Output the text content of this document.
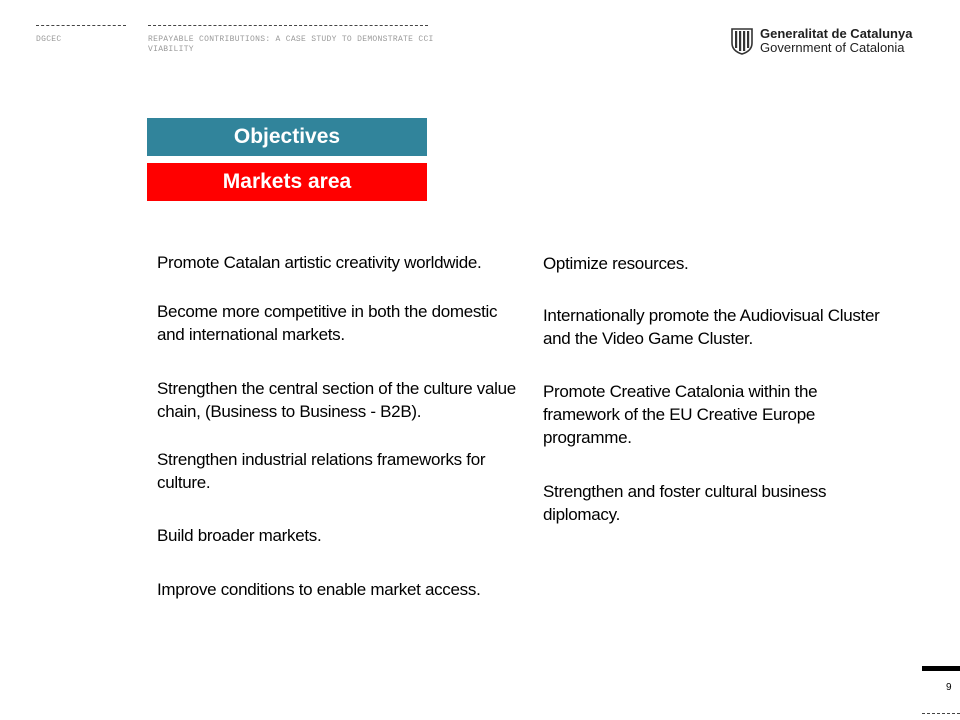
DGCEC	REPAYABLE CONTRIBUTIONS: A CASE STUDY TO DEMONSTRATE CCI VIABILITY
Generalitat de Catalunya
Government of Catalonia
Objectives
Markets area
Promote Catalan artistic creativity worldwide.
Become more competitive in both the domestic and international markets.
Strengthen the central section of the culture value chain, (Business to Business - B2B).
Strengthen industrial relations frameworks for culture.
Build broader markets.
Improve conditions to enable market access.
Optimize resources.
Internationally promote the Audiovisual Cluster and the Video Game Cluster.
Promote Creative Catalonia within the framework of the EU Creative Europe programme.
Strengthen and foster cultural business diplomacy.
9
